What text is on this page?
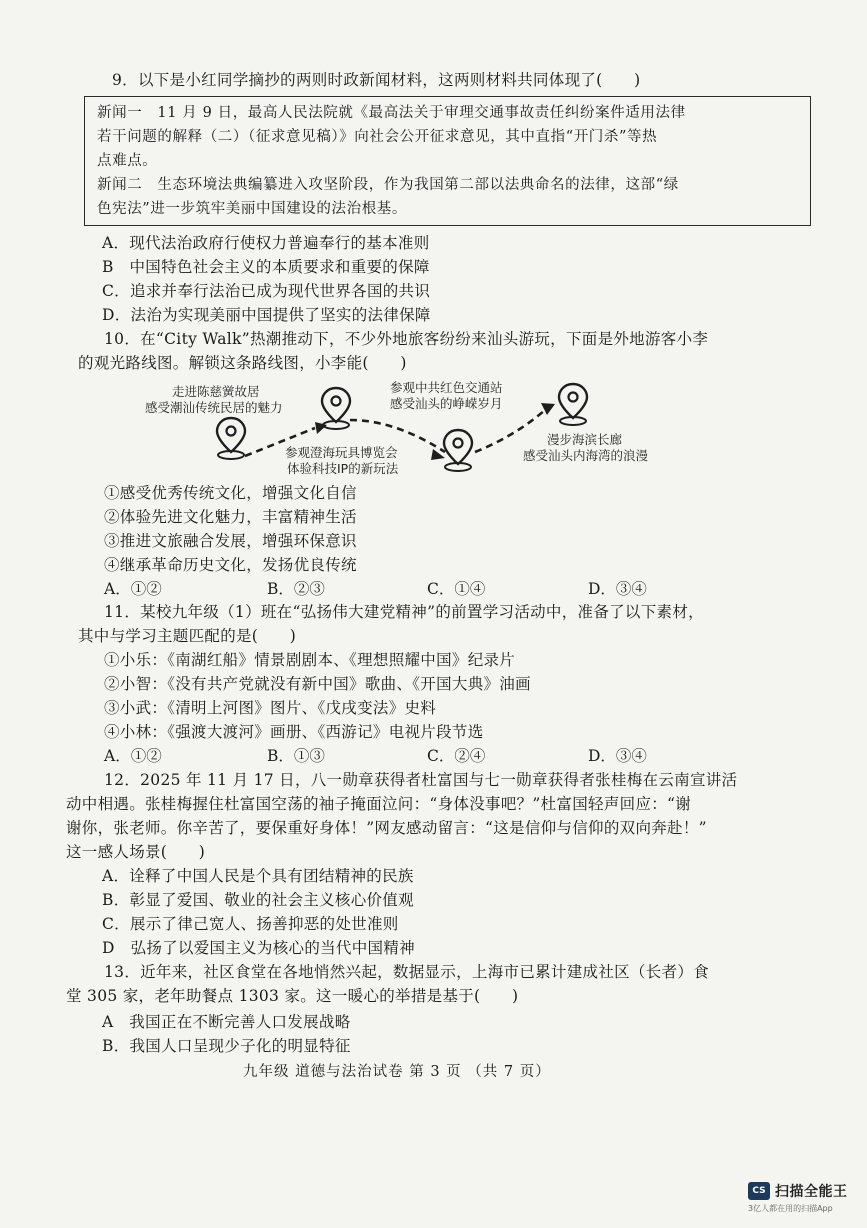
9．以下是小红同学摘抄的两则时政新闻材料，这两则材料共同体现了(　　)
新闻一　11 月 9 日，最高人民法院就《最高法关于审理交通事故责任纠纷案件适用法律
若干问题的解释（二）（征求意见稿）》向社会公开征求意见，其中直指“开门杀”等热
点难点。
新闻二　生态环境法典编纂进入攻坚阶段，作为我国第二部以法典命名的法律，这部“绿
色宪法”进一步筑牢美丽中国建设的法治根基。
A．现代法治政府行使权力普遍奉行的基本准则
B　中国特色社会主义的本质要求和重要的保障
C．追求并奉行法治已成为现代世界各国的共识
D．法治为实现美丽中国提供了坚实的法律保障
10．在“City Walk”热潮推动下，不少外地旅客纷纷来汕头游玩，下面是外地游客小李
的观光路线图。解锁这条路线图，小李能(　　)
走进陈慈黉故居
感受潮汕传统民居的魅力
参观澄海玩具博览会
体验科技IP的新玩法
参观中共红色交通站
感受汕头的峥嵘岁月
漫步海滨长廊
感受汕头内海湾的浪漫
①感受优秀传统文化，增强文化自信
②体验先进文化魅力，丰富精神生活
③推进文旅融合发展，增强环保意识
④继承革命历史文化，发扬优良传统
A．①②	B．②③	C．①④	D．③④
11．某校九年级（1）班在“弘扬伟大建党精神”的前置学习活动中，准备了以下素材，
其中与学习主题匹配的是(　　)
①小乐：《南湖红船》情景剧剧本、《理想照耀中国》纪录片
②小智：《没有共产党就没有新中国》歌曲、《开国大典》油画
③小武：《清明上河图》图片、《戊戌变法》史料
④小林：《强渡大渡河》画册、《西游记》电视片段节选
A．①②	B．①③	C．②④	D．③④
12．2025 年 11 月 17 日，八一勋章获得者杜富国与七一勋章获得者张桂梅在云南宣讲活
动中相遇。张桂梅握住杜富国空荡的袖子掩面泣问：“身体没事吧？”杜富国轻声回应：“谢
谢你，张老师。你辛苦了，要保重好身体！”网友感动留言：“这是信仰与信仰的双向奔赴！”
这一感人场景(　　)
A．诠释了中国人民是个具有团结精神的民族
B．彰显了爱国、敬业的社会主义核心价值观
C．展示了律己宽人、扬善抑恶的处世准则
D　弘扬了以爱国主义为核心的当代中国精神
13．近年来，社区食堂在各地悄然兴起，数据显示，上海市已累计建成社区（长者）食
堂 305 家，老年助餐点 1303 家。这一暖心的举措是基于(　　)
A　我国正在不断完善人口发展战略
B．我国人口呈现少子化的明显特征
九年级 道德与法治试卷 第 3 页 （共 7 页）
CS 扫描全能王
3亿人都在用的扫描App
